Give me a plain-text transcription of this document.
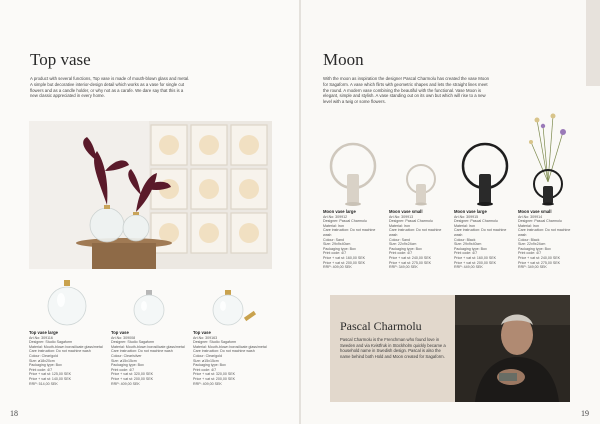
Top vase

A product with several functions, Top vase is made of mouth-blown glass and metal. A simple but decorative interior-design detail which works as a vase for single cut flowers and as a candle holder, or why not as a carafe. We dare say that this is a new classic appreciated in every home.

Top vase large
Art.No: 309116
Designer: Studio Sagaform
Material: Mouth-blown borosilicate glass/metal
Care instruction: Do not machine wash
Colour: Clear/gold
Size: ø18x20cm
Packaging type: Box
Print code: 4/7
Price + vat st: 125,00 SEK
Price + vat st: 140,00 SEK
RRP: 514,00 SEK
Top vase
Art.No: 309008
Designer: Studio Sagaform
Material: Mouth-blown borosilicate glass/metal
Care instruction: Do not machine wash
Colour: Clear/silver
Size: ø15x15cm
Packaging type: Box
Print code: 4/7
Price + vat st: 320,00 SEK
Price + vat st: 200,00 SEK
RRP: 409,00 SEK
Top vase
Art.No: 309163
Designer: Studio Sagaform
Material: Mouth-blown borosilicate glass/metal
Care instruction: Do not machine wash
Colour: Clear/gold
Size: ø15x15cm
Packaging type: Box
Print code: 4/7
Price + vat st: 320,00 SEK
Price + vat st: 200,00 SEK
RRP: 409,00 SEK
18
Moon

With the moon as inspiration the designer Pascal Charmolu has created the vase Moon for Sagaform. A vase which flirts with geometric shapes and lets the straight lines meet the round. A modern vase combining the beautiful with the functional. Vase Moon is elegant, simple and stylish. A vase standing out on its own but which will rise to a new level with a twig or some flowers.

Moon vase large
Art.No: 309912
Designer: Pascal Charmolu
Material: Iron
Care instruction: Do not machine wash
Colour: Sand
Size: 29x9x40cm
Packaging type: Box
Print code: 4/7
Price + vat st: 160,00 SEK
Price + vat st: 200,00 SEK
RRP: 409,00 SEK
Moon vase small
Art.No: 309913
Designer: Pascal Charmolu
Material: Iron
Care instruction: Do not machine wash
Colour: Sand
Size: 22x9x24cm
Packaging type: Box
Print code: 4/7
Price + vat st: 240,00 SEK
Price + vat st: 275,00 SEK
RRP: 349,00 SEK
Moon vase large
Art.No: 309915
Designer: Pascal Charmolu
Material: Iron
Care instruction: Do not machine wash
Colour: Black
Size: 29x9x40cm
Packaging type: Box
Print code: 4/7
Price + vat st: 160,00 SEK
Price + vat st: 200,00 SEK
RRP: 449,00 SEK
Moon vase small
Art.No: 309914
Designer: Pascal Charmolu
Material: Iron
Care instruction: Do not machine wash
Colour: Black
Size: 22x9x24cm
Packaging type: Box
Print code: 4/7
Price + vat st: 240,00 SEK
Price + vat st: 275,00 SEK
RRP: 349,00 SEK
19
Pascal Charmolu

Pascal Charmolu is the Frenchman who found love in Sweden and via Kvistfruk in Stockholm quickly became a household name in Swedish design. Pascal is also the name behind both Hold and Moon created for Sagaform.
